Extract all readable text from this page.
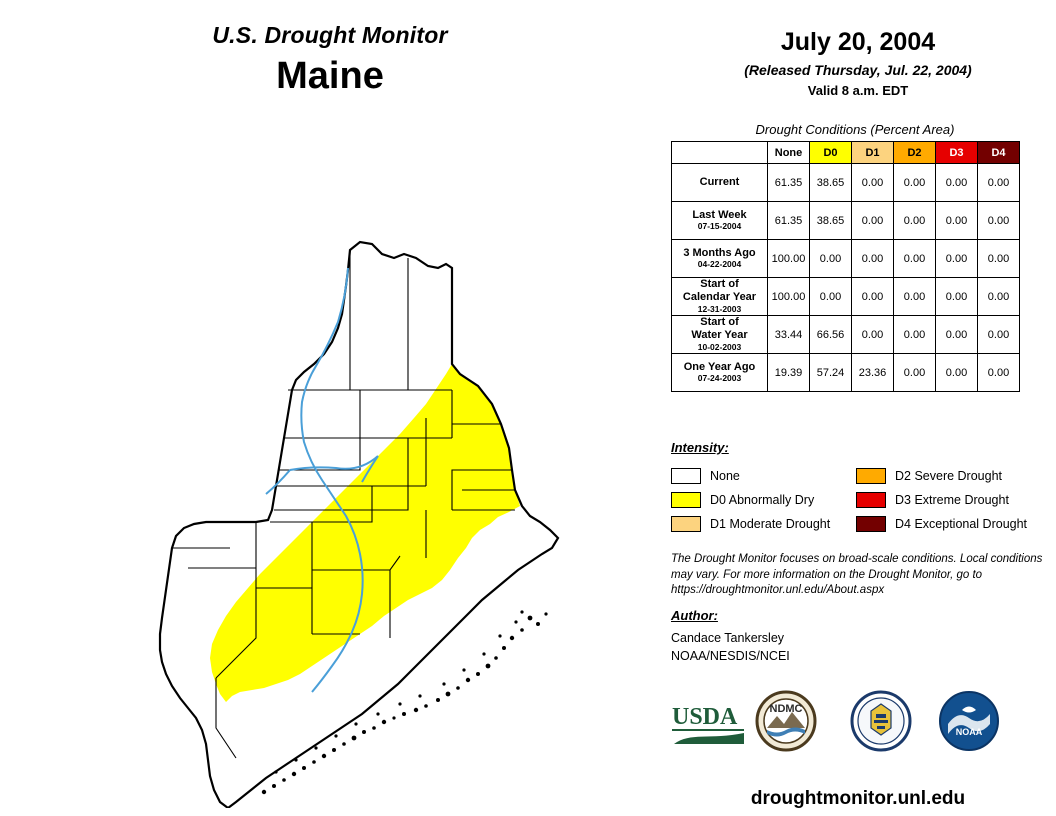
U.S. Drought Monitor
Maine
July 20, 2004
(Released Thursday, Jul. 22, 2004)
Valid 8 a.m. EDT
Drought Conditions (Percent Area)
	None	D0	D1	D2	D3	D4

Current	61.35	38.65	0.00	0.00	0.00	0.00

Last Week
07-15-2004	61.35	38.65	0.00	0.00	0.00	0.00

3 Months Ago
04-22-2004	100.00	0.00	0.00	0.00	0.00	0.00

Start of
Calendar Year
12-31-2003	100.00	0.00	0.00	0.00	0.00	0.00

Start of
Water Year
10-02-2003	33.44	66.56	0.00	0.00	0.00	0.00

One Year Ago
07-24-2003	19.39	57.24	23.36	0.00	0.00	0.00
Intensity:
None
D0 Abnormally Dry
D1 Moderate Drought
D2 Severe Drought
D3 Extreme Drought
D4 Exceptional Drought
The Drought Monitor focuses on broad-scale conditions. Local conditions may vary. For more information on the Drought Monitor, go to https://droughtmonitor.unl.edu/About.aspx
Author:
Candace Tankersley
NOAA/NESDIS/NCEI
USDA	NDMC
NOAA
droughtmonitor.unl.edu
